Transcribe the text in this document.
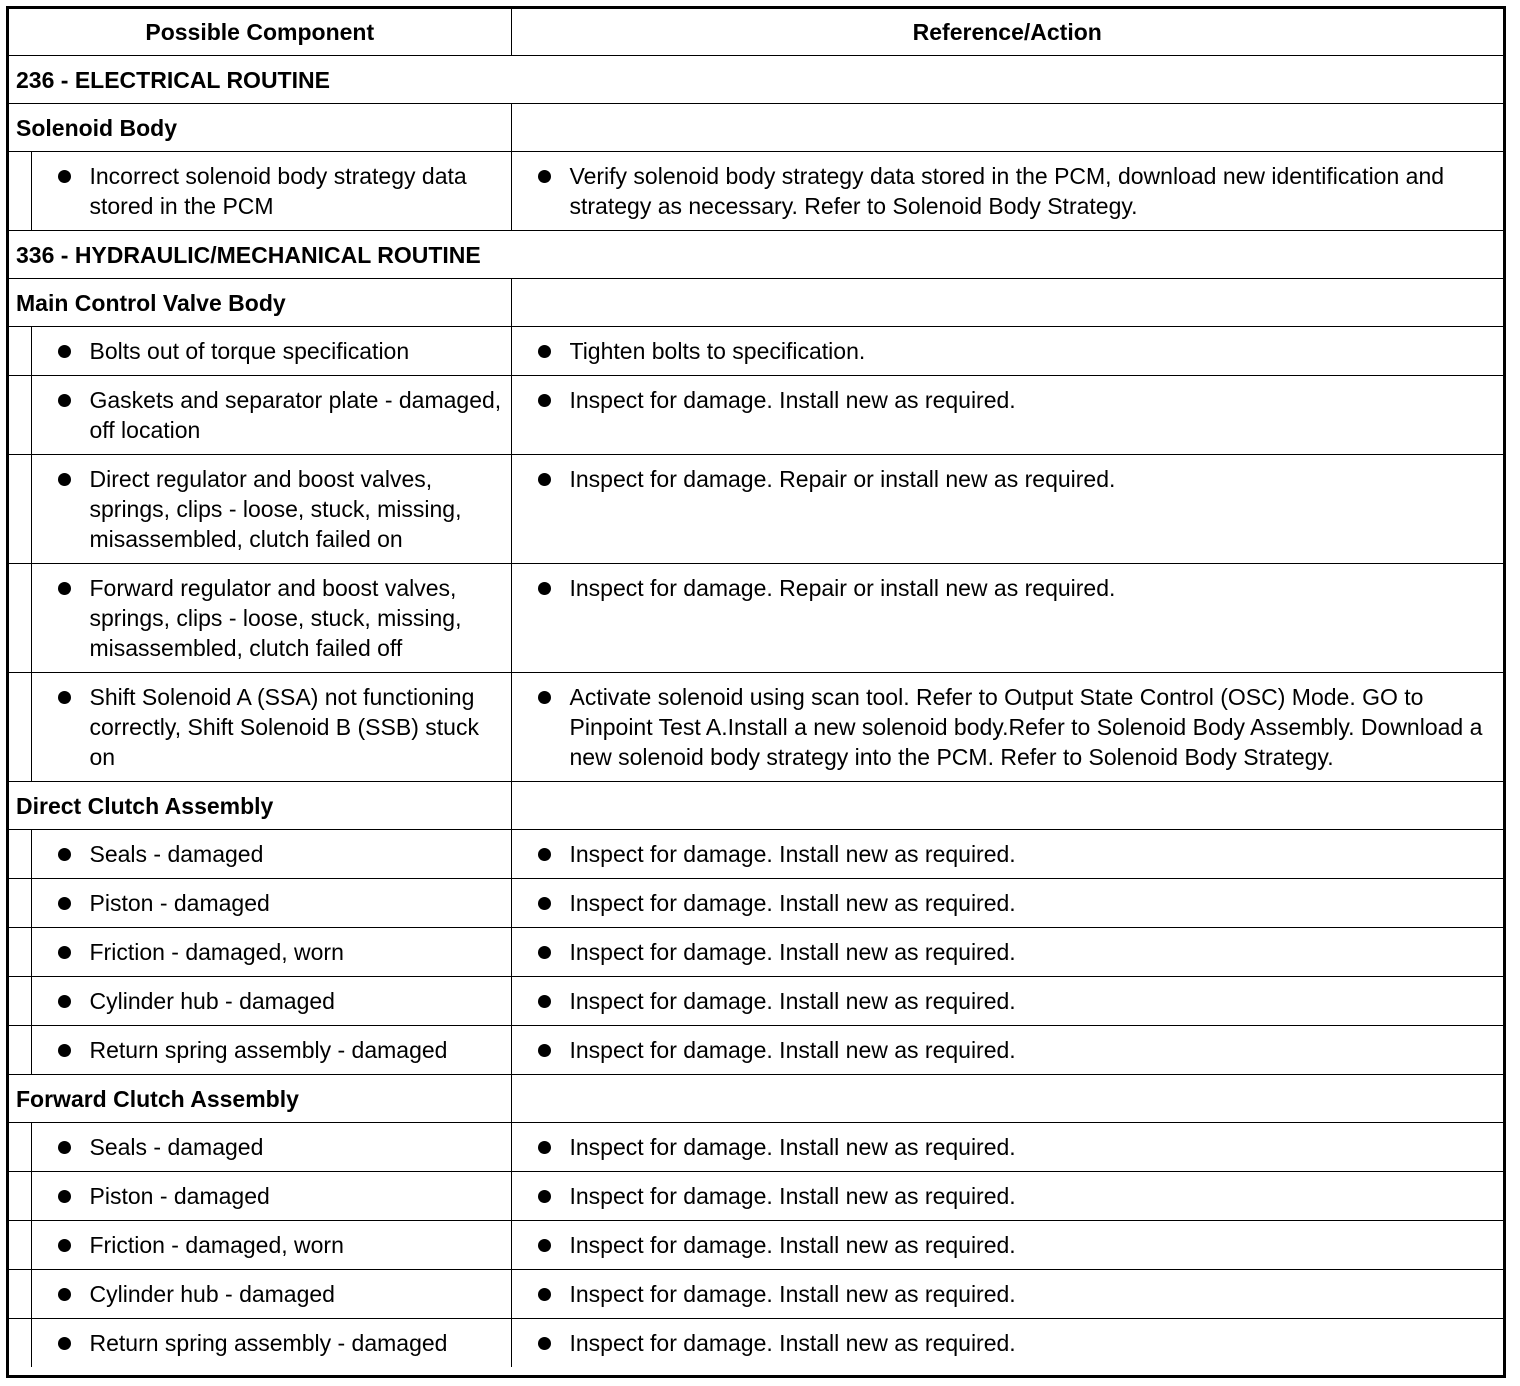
Possible Component		Reference/Action
236 - ELECTRICAL ROUTINE		
Solenoid Body		

Incorrect solenoid body strategy data stored in the PCM	Verify solenoid body strategy data stored in the PCM, download new identification and strategy as necessary. Refer to Solenoid Body Strategy.

336 - HYDRAULIC/MECHANICAL ROUTINE		
Main Control Valve Body		

Bolts out of torque specification	Tighten bolts to specification.

Gaskets and separator plate - damaged, off location	Inspect for damage. Install new as required.

Direct regulator and boost valves, springs, clips - loose, stuck, missing, misassembled, clutch failed on	Inspect for damage. Repair or install new as required.

Forward regulator and boost valves, springs, clips - loose, stuck, missing, misassembled, clutch failed off	Inspect for damage. Repair or install new as required.

Shift Solenoid A (SSA) not functioning correctly, Shift Solenoid B (SSB) stuck on	Activate solenoid using scan tool. Refer to Output State Control (OSC) Mode. GO to Pinpoint Test A.Install a new solenoid body.Refer to Solenoid Body Assembly. Download a new solenoid body strategy into the PCM. Refer to Solenoid Body Strategy.

Direct Clutch Assembly		

Seals - damaged	Inspect for damage. Install new as required.

Piston - damaged	Inspect for damage. Install new as required.

Friction - damaged, worn	Inspect for damage. Install new as required.

Cylinder hub - damaged	Inspect for damage. Install new as required.

Return spring assembly - damaged	Inspect for damage. Install new as required.

Forward Clutch Assembly		

Seals - damaged	Inspect for damage. Install new as required.

Piston - damaged	Inspect for damage. Install new as required.

Friction - damaged, worn	Inspect for damage. Install new as required.

Cylinder hub - damaged	Inspect for damage. Install new as required.

Return spring assembly - damaged	Inspect for damage. Install new as required.
